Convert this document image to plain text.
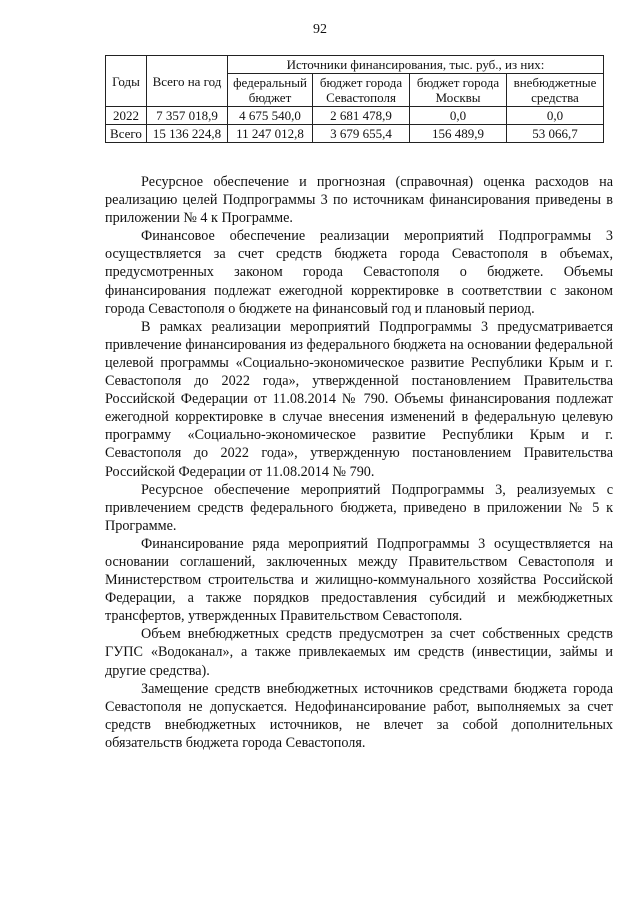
92
Годы	Всего на год	Источники финансирования, тыс. руб., из них:			
		федеральный бюджет	бюджет города Севастополя	бюджет города Москвы	внебюджетные средства
2022	7 357 018,9	4 675 540,0	2 681 478,9	0,0	0,0
Всего	15 136 224,8	11 247 012,8	3 679 655,4	156 489,9	53 066,7

Ресурсное обеспечение и прогнозная (справочная) оценка расходов на реализацию целей Подпрограммы 3 по источникам финансирования приведены в приложении № 4 к Программе.

Финансовое обеспечение реализации мероприятий Подпрограммы 3 осуществляется за счет средств бюджета города Севастополя в объемах, предусмотренных законом города Севастополя о бюджете. Объемы финансирования подлежат ежегодной корректировке в соответствии с законом города Севастополя о бюджете на финансовый год и плановый период.

В рамках реализации мероприятий Подпрограммы 3 предусматривается привлечение финансирования из федерального бюджета на основании федеральной целевой программы «Социально-экономическое развитие Республики Крым и г. Севастополя до 2022 года», утвержденной постановлением Правительства Российской Федерации от 11.08.2014 № 790. Объемы финансирования подлежат ежегодной корректировке в случае внесения изменений в федеральную целевую программу «Социально-экономическое развитие Республики Крым и г. Севастополя до 2022 года», утвержденную постановлением Правительства Российской Федерации от 11.08.2014 № 790.

Ресурсное обеспечение мероприятий Подпрограммы 3, реализуемых с привлечением средств федерального бюджета, приведено в приложении № 5 к Программе.

Финансирование ряда мероприятий Подпрограммы 3 осуществляется на основании соглашений, заключенных между Правительством Севастополя и Министерством строительства и жилищно-коммунального хозяйства Российской Федерации, а также порядков предоставления субсидий и межбюджетных трансфертов, утвержденных Правительством Севастополя.

Объем внебюджетных средств предусмотрен за счет собственных средств ГУПС «Водоканал», а также привлекаемых им средств (инвестиции, займы и другие средства).

Замещение средств внебюджетных источников средствами бюджета города Севастополя не допускается. Недофинансирование работ, выполняемых за счет средств внебюджетных источников, не влечет за собой дополнительных обязательств бюджета города Севастополя.
